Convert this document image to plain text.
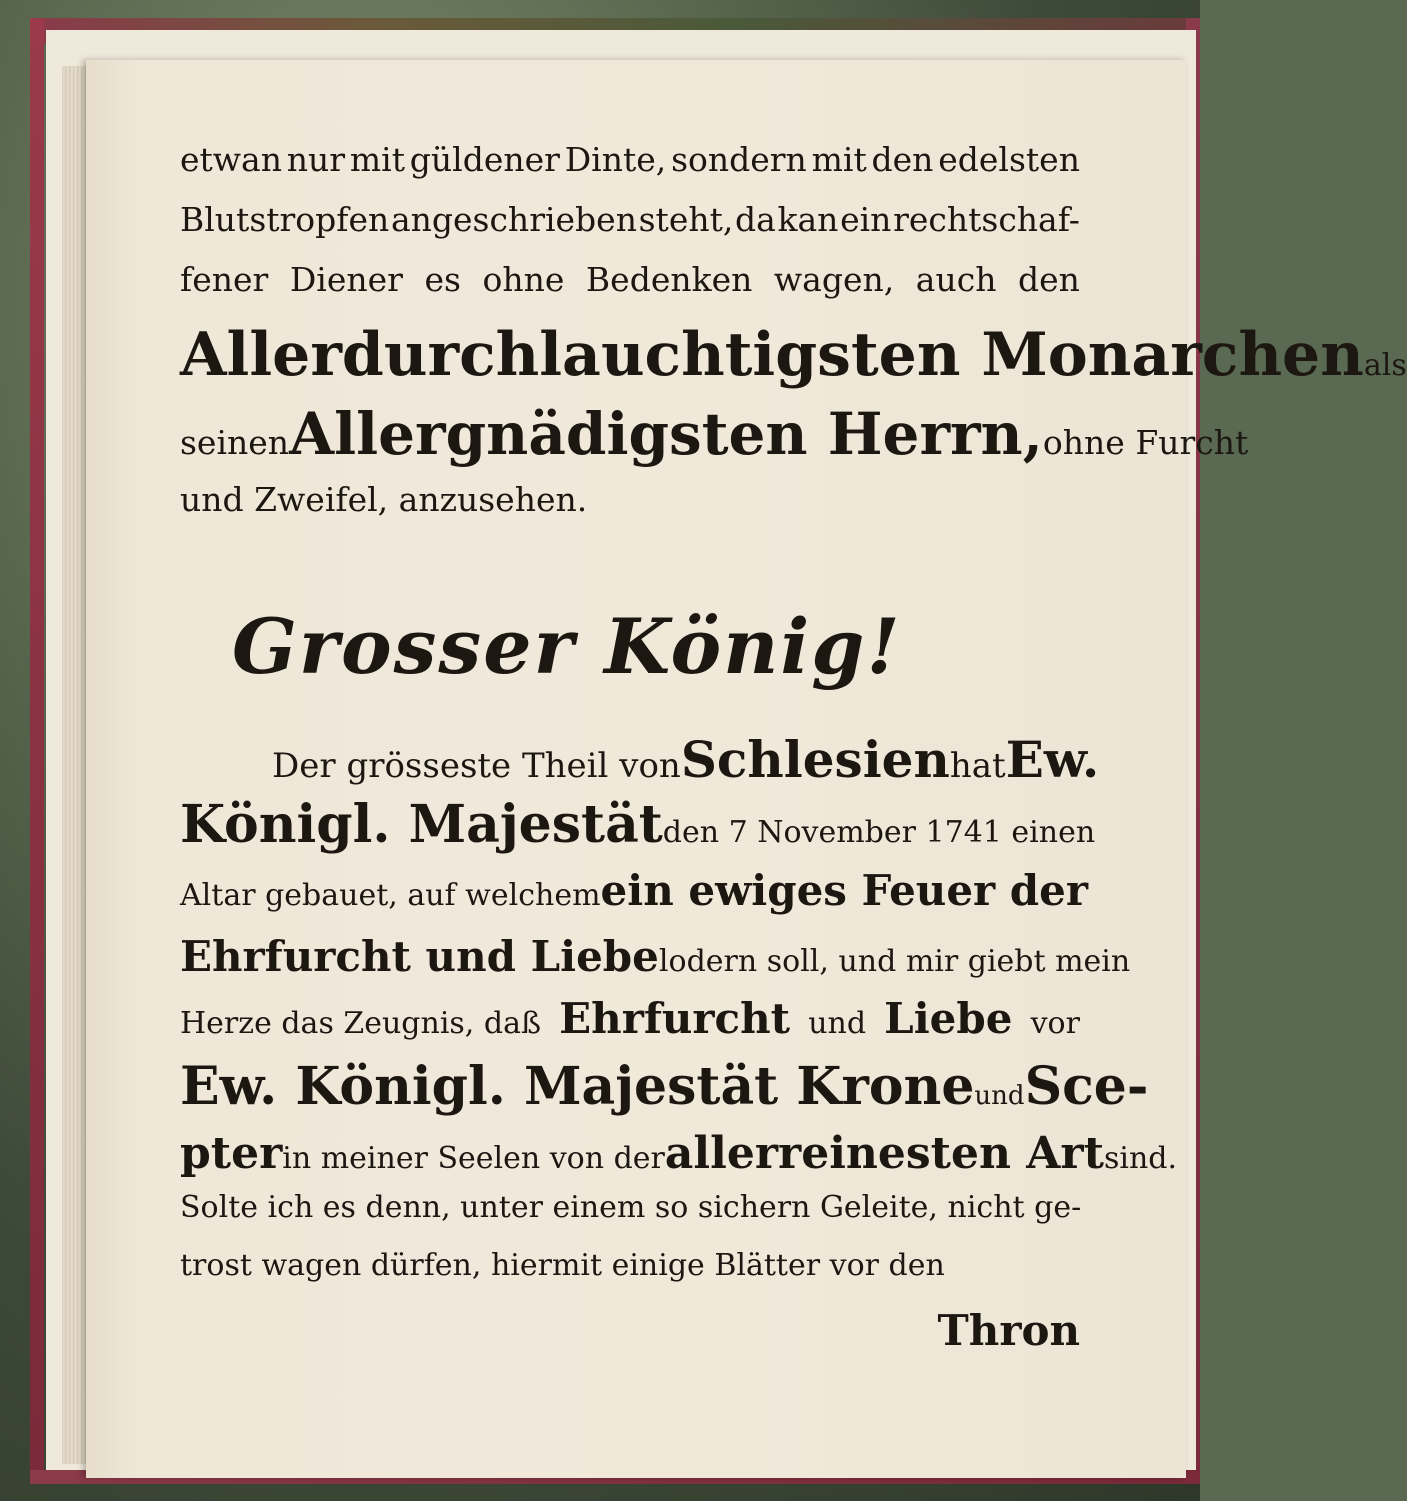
etwan nur mit güldener Dinte, sondern mit den edelsten
Blutstropfen angeschrieben steht, da kan ein rechtschaf-
fener Diener es ohne Bedenken wagen, auch den
Allerdurchlauchtigsten Monarchen als
seinen Allergnädigsten Herrn, ohne Furcht
und Zweifel, anzusehen.
Grosser König!
Der grösseste Theil von Schlesien hat Ew.
Königl. Majestät den 7 November 1741 einen
Altar gebauet, auf welchem ein ewiges Feuer der
Ehrfurcht und Liebe lodern soll, und mir giebt mein
Herze das Zeugnis, daß Ehrfurcht und Liebe vor
Ew. Königl. Majestät Krone und Sce-
pter in meiner Seelen von der allerreinesten Art sind.
Solte ich es denn, unter einem so sichern Geleite, nicht ge-
trost wagen dürfen, hiermit einige Blätter vor den
Thron
